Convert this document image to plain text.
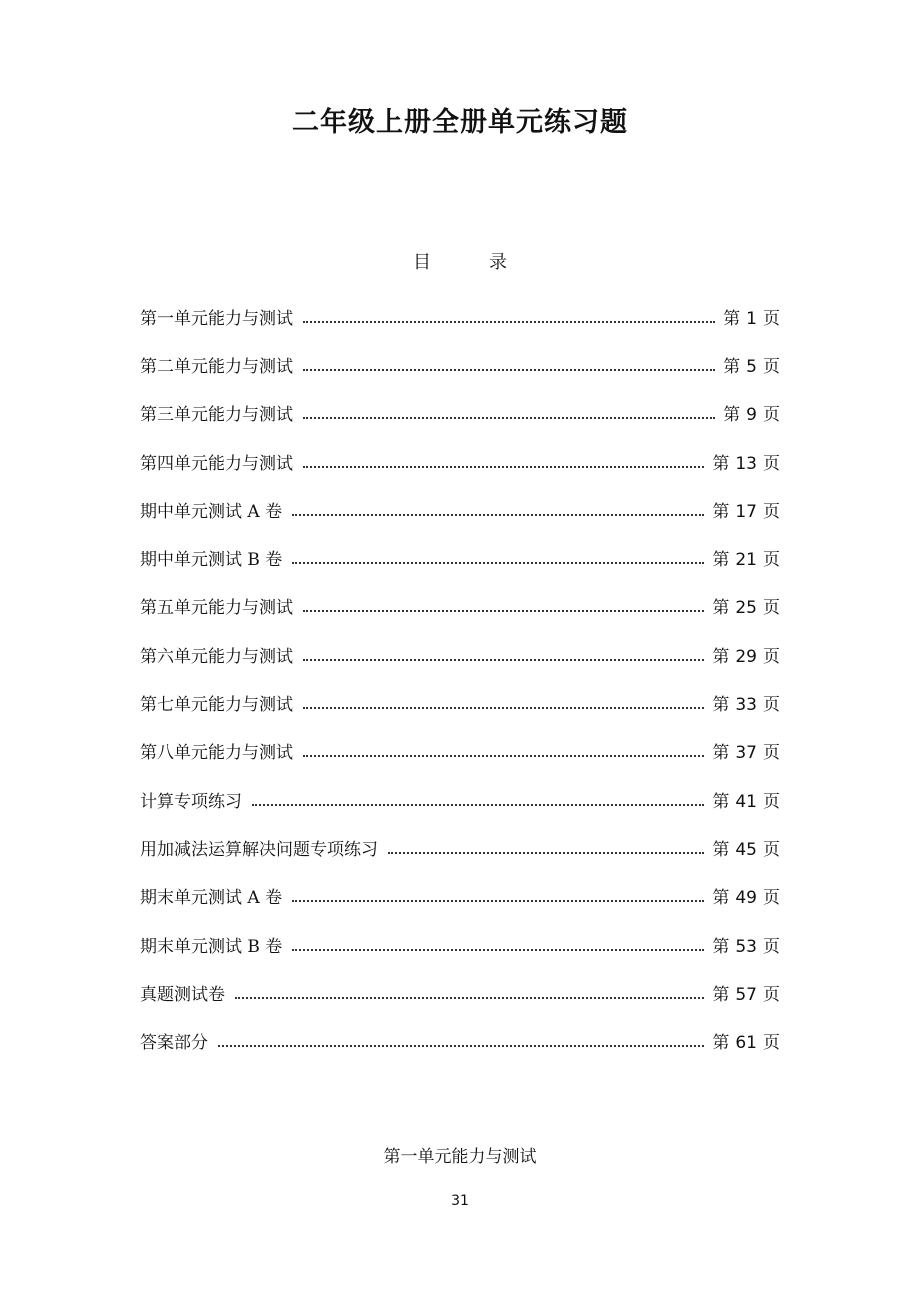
二年级上册全册单元练习题
目	录
第一单元能力与测试	第 1 页
第二单元能力与测试	第 5 页
第三单元能力与测试	第 9 页
第四单元能力与测试	第 13 页
期中单元测试 A 卷	第 17 页
期中单元测试 B 卷	第 21 页
第五单元能力与测试	第 25 页
第六单元能力与测试	第 29 页
第七单元能力与测试	第 33 页
第八单元能力与测试	第 37 页
计算专项练习	第 41 页
用加减法运算解决问题专项练习	第 45 页
期末单元测试 A 卷	第 49 页
期末单元测试 B 卷	第 53 页
真题测试卷	第 57 页
答案部分	第 61 页
第一单元能力与测试
31
